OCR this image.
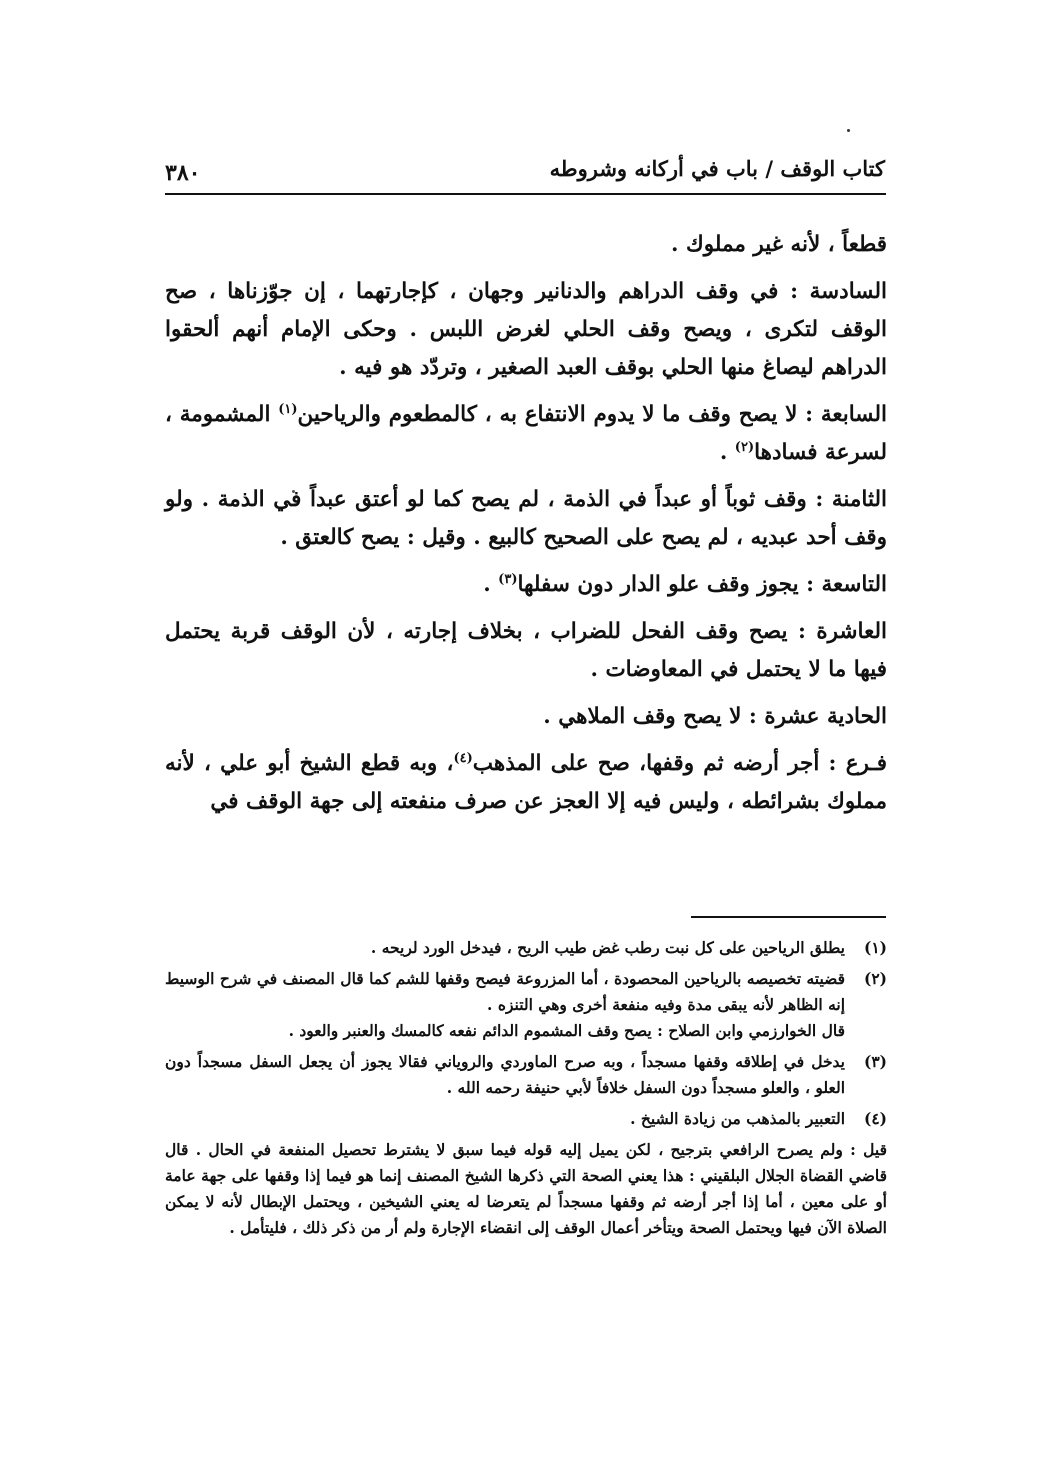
كتاب الوقف / باب في أركانه وشروطه
٣٨٠

قطعاً ، لأنه غير مملوك .

السادسة : في وقف الدراهم والدنانير وجهان ، كإجارتهما ، إن جوّزناها ، صح الوقف لتكرى ، ويصح وقف الحلي لغرض اللبس . وحكى الإمام أنهم ألحقوا الدراهم ليصاغ منها الحلي بوقف العبد الصغير ، وتردّد هو فيه .

السابعة : لا يصح وقف ما لا يدوم الانتفاع به ، كالمطعوم والرياحين$^{(١)}$ المشمومة ، لسرعة فسادها$^{(٢)}$ .

الثامنة : وقف ثوباً أو عبداً في الذمة ، لم يصح كما لو أعتق عبداً في الذمة . ولو وقف أحد عبديه ، لم يصح على الصحيح كالبيع . وقيل : يصح كالعتق .

التاسعة : يجوز وقف علو الدار دون سفلها$^{(٣)}$ .

العاشرة : يصح وقف الفحل للضراب ، بخلاف إجارته ، لأن الوقف قربة يحتمل فيها ما لا يحتمل في المعاوضات .

الحادية عشرة : لا يصح وقف الملاهي .

فـرع : أجر أرضه ثم وقفها، صح على المذهب$^{(٤)}$، وبه قطع الشيخ أبو علي ، لأنه مملوك بشرائطه ، وليس فيه إلا العجز عن صرف منفعته إلى جهة الوقف في

(١)

يطلق الرياحين على كل نبت رطب غض طيب الريح ، فيدخل الورد لريحه .

(٢)

قضيته تخصيصه بالرياحين المحصودة ، أما المزروعة فيصح وقفها للشم كما قال المصنف في شرح الوسيط إنه الظاهر لأنه يبقى مدة وفيه منفعة أخرى وهي التنزه .

قال الخوارزمي وابن الصلاح : يصح وقف المشموم الدائم نفعه كالمسك والعنبر والعود .

(٣)

يدخل في إطلاقه وقفها مسجداً ، وبه صرح الماوردي والروياني فقالا يجوز أن يجعل السفل مسجداً دون العلو ، والعلو مسجداً دون السفل خلافاً لأبي حنيفة رحمه الله .

(٤)

التعبير بالمذهب من زيادة الشيخ .

قيل : ولم يصرح الرافعي بترجيح ، لكن يميل إليه قوله فيما سبق لا يشترط تحصيل المنفعة في الحال . قال قاضي القضاة الجلال البلقيني : هذا يعني الصحة التي ذكرها الشيخ المصنف إنما هو فيما إذا وقفها على جهة عامة أو على معين ، أما إذا أجر أرضه ثم وقفها مسجداً لم يتعرضا له يعني الشيخين ، ويحتمل الإبطال لأنه لا يمكن الصلاة الآن فيها ويحتمل الصحة ويتأخر أعمال الوقف إلى انقضاء الإجارة ولم أر من ذكر ذلك ، فليتأمل .
